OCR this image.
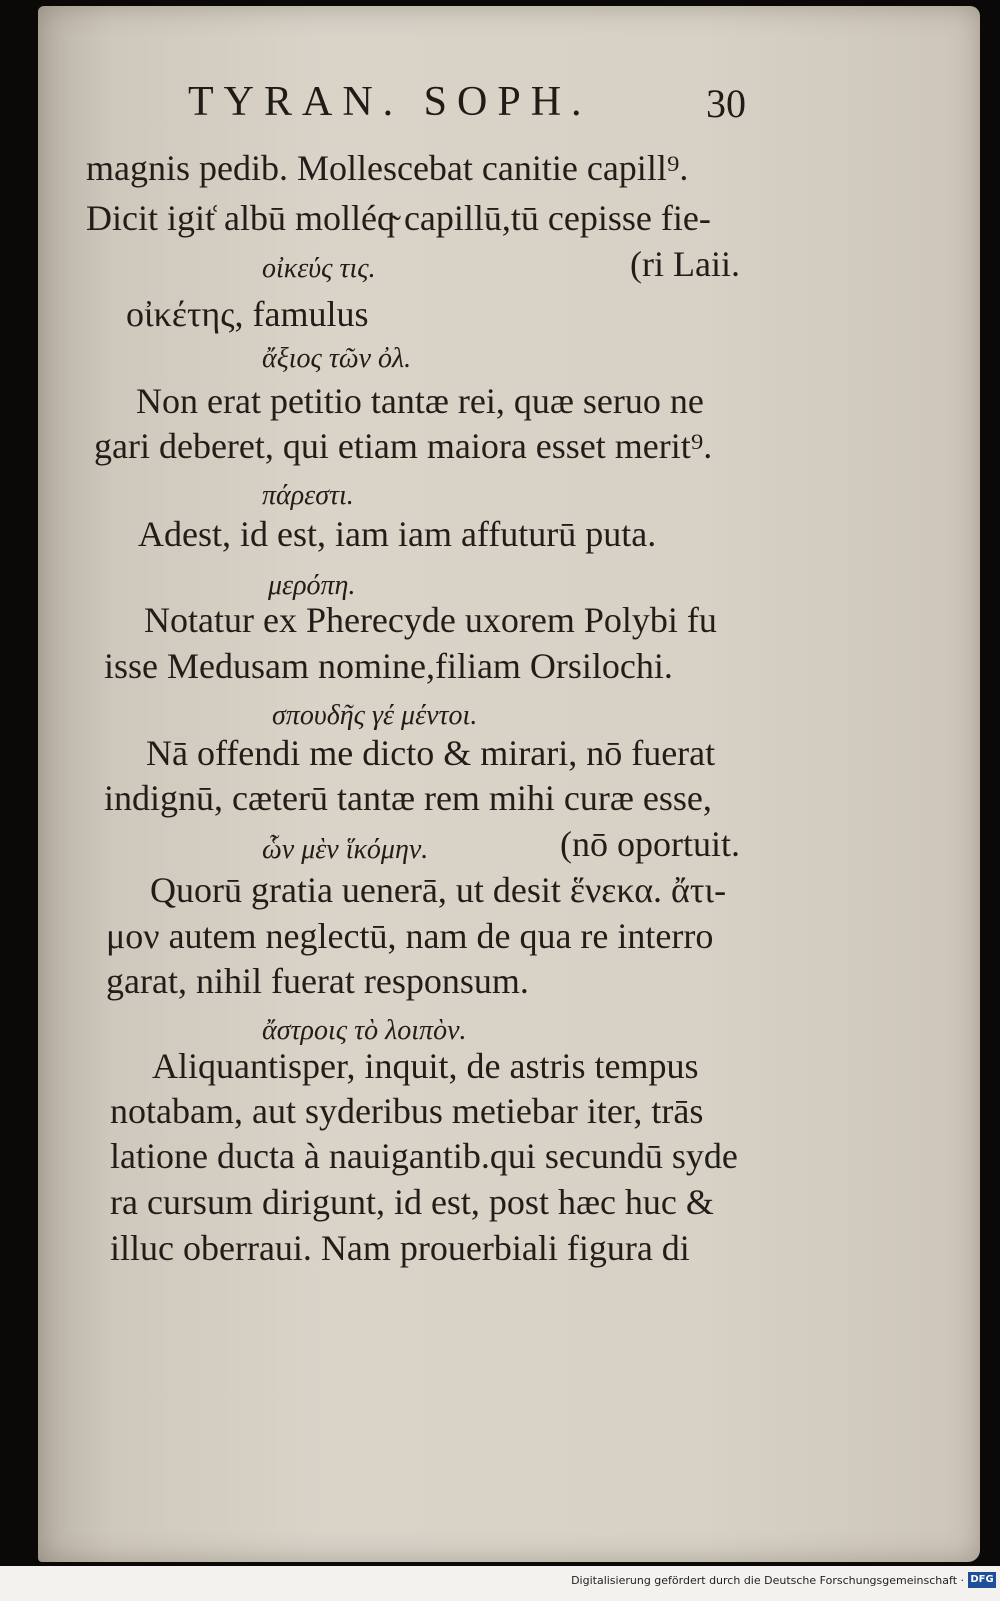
TYRAN. SOPH.	30
magnis pedib. Mollescebat canitie capill⁹.
Dicit igit͑ albū molléq̴ capillū,tū cepisse fie-
οἰκεύς τις.	(ri Laii.
οἰκέτης, famulus
ἄξιος τῶν ὀλ.
Non erat petitio tantæ rei, quæ seruo ne
gari deberet, qui etiam maiora esset merit⁹.
πάρεστι.
Adest, id est, iam iam affuturū puta.
μερόπη.
Notatur ex Pherecyde uxorem Polybi fu
isse Medusam nomine,filiam Orsilochi.
σπουδῆς γέ μέντοι.
Nā offendi me dicto & mirari, nō fuerat
indignū, cæterū tantæ rem mihi curæ esse,
ὧν μὲν ἵκόμην.	(nō oportuit.
Quorū gratia uenerā, ut desit ἕνεκα. ἄτι-
μον autem neglectū, nam de qua re interro
garat, nihil fuerat responsum.
ἄστροις τὸ λοιπὸν.
Aliquantisper, inquit, de astris tempus
notabam, aut syderibus metiebar iter, trās
latione ducta à nauigantib.qui secundū syde
ra cursum dirigunt, id est, post hæc huc &
illuc oberraui. Nam prouerbiali figura di
Digitalisierung gefördert durch die Deutsche Forschungsgemeinschaft · DFG
